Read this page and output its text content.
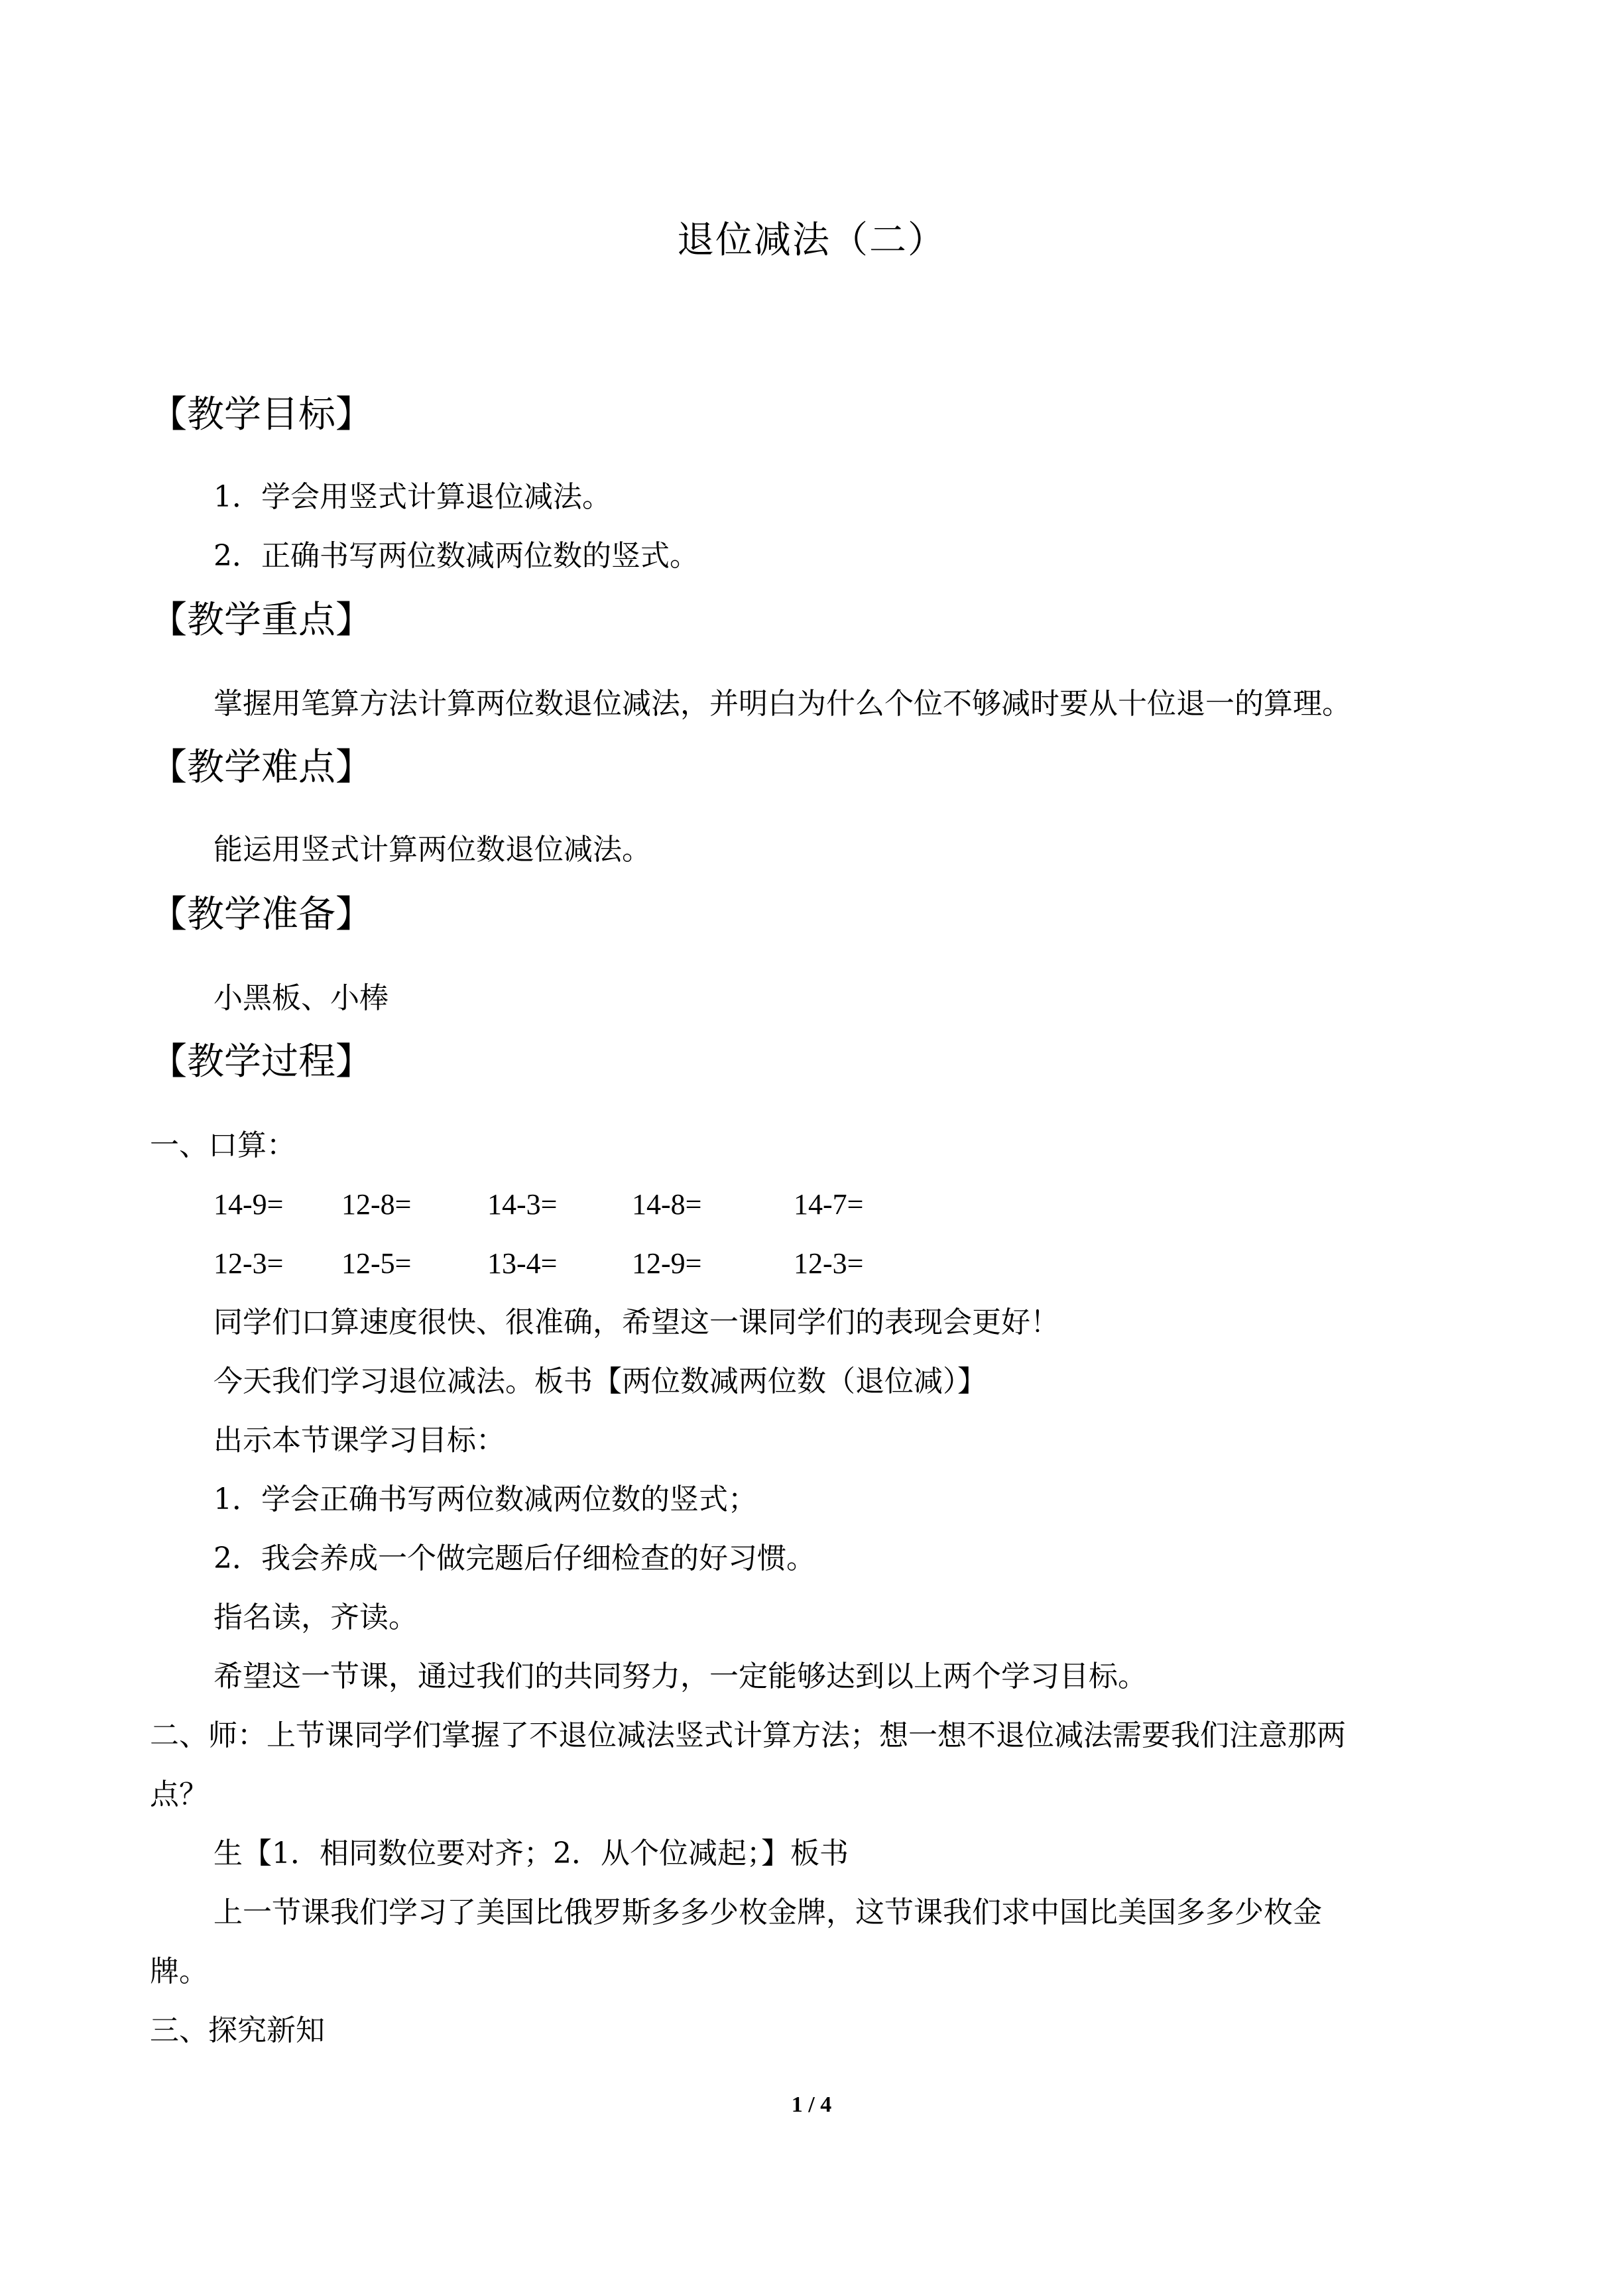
退位减法（二）
【教学目标】
1．学会用竖式计算退位减法。
2．正确书写两位数减两位数的竖式。
【教学重点】
掌握用笔算方法计算两位数退位减法，并明白为什么个位不够减时要从十位退一的算理。
【教学难点】
能运用竖式计算两位数退位减法。
【教学准备】
小黑板、小棒
【教学过程】
一、口算：
14-9= 12-8=	14-3=	14-8=	14-7=
12-3= 12-5=	13-4=	12-9=	12-3=
同学们口算速度很快、很准确，希望这一课同学们的表现会更好！
今天我们学习退位减法。板书【两位数减两位数（退位减）】
出示本节课学习目标：
1．学会正确书写两位数减两位数的竖式；
2．我会养成一个做完题后仔细检查的好习惯。
指名读，齐读。
希望这一节课，通过我们的共同努力，一定能够达到以上两个学习目标。
二、师：上节课同学们掌握了不退位减法竖式计算方法；想一想不退位减法需要我们注意那两
点？
生【1．相同数位要对齐；2．从个位减起；】板书
上一节课我们学习了美国比俄罗斯多多少枚金牌，这节课我们求中国比美国多多少枚金
牌。
三、探究新知
1 / 4
